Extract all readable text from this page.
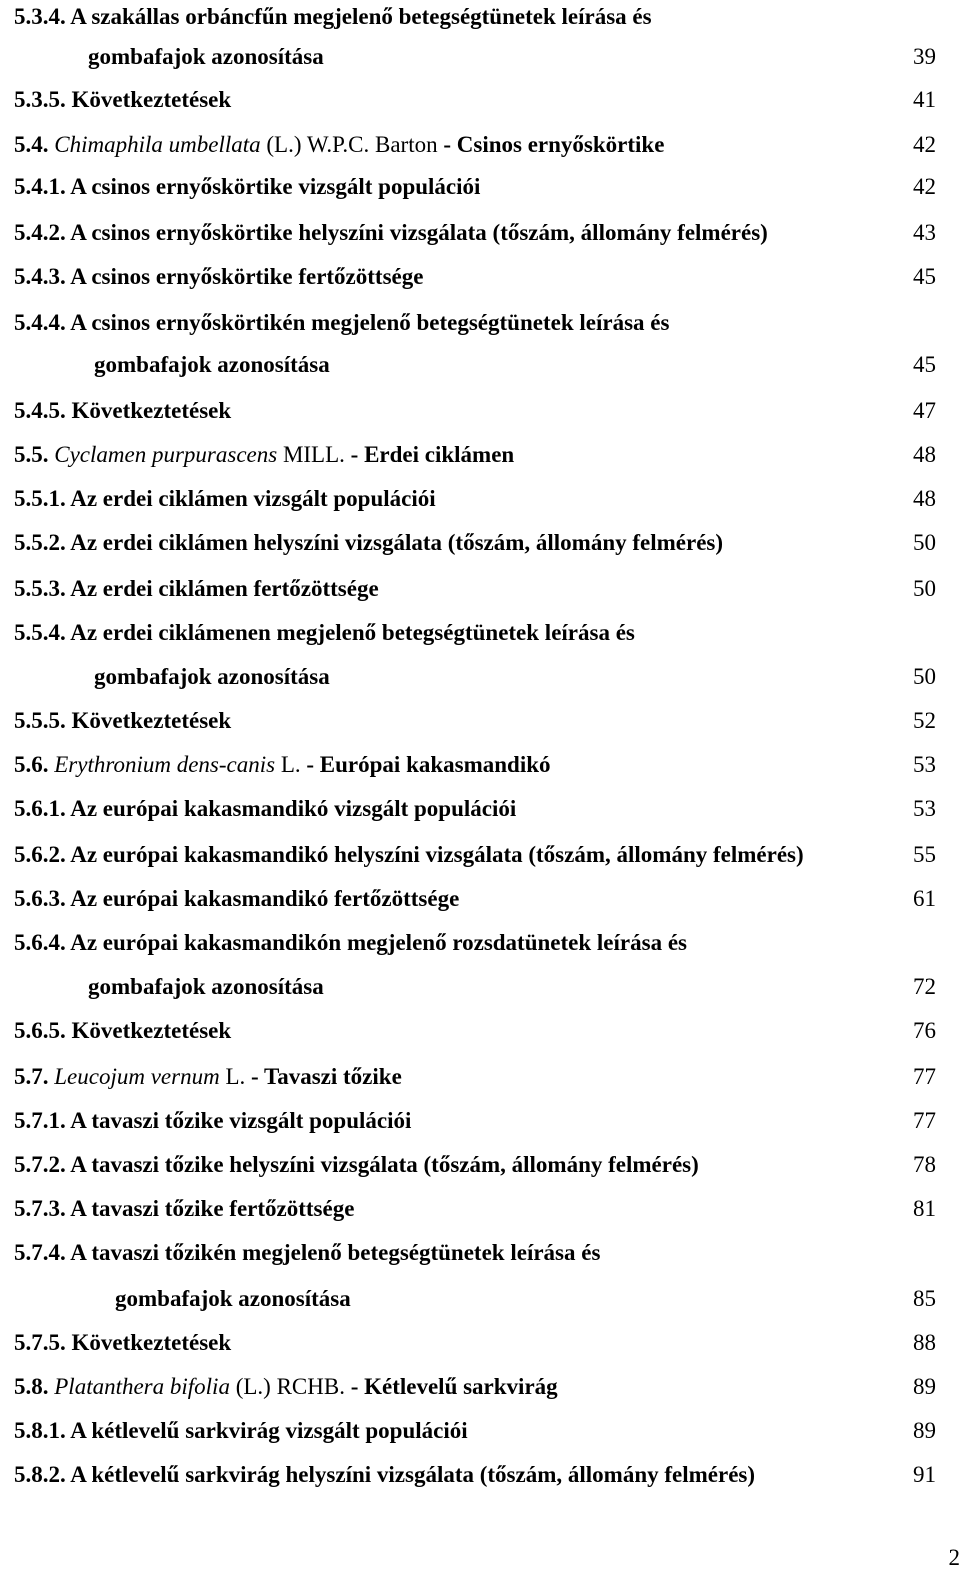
5.3.4. A szakállas orbáncfűn megjelenő betegségtünetek leírása és
gombafajok azonosítása	39
5.3.5. Következtetések	41
5.4. Chimaphila umbellata (L.) W.P.C. Barton - Csinos ernyőskörtike	42
5.4.1. A csinos ernyőskörtike vizsgált populációi	42
5.4.2. A csinos ernyőskörtike helyszíni vizsgálata (tőszám, állomány felmérés)	43
5.4.3. A csinos ernyőskörtike fertőzöttsége	45
5.4.4. A csinos ernyőskörtikén megjelenő betegségtünetek leírása és
gombafajok azonosítása	45
5.4.5. Következtetések	47
5.5. Cyclamen purpurascens MILL. - Erdei ciklámen	48
5.5.1. Az erdei ciklámen vizsgált populációi	48
5.5.2. Az erdei ciklámen helyszíni vizsgálata (tőszám, állomány felmérés)	50
5.5.3. Az erdei ciklámen fertőzöttsége	50
5.5.4. Az erdei ciklámenen megjelenő betegségtünetek leírása és
gombafajok azonosítása	50
5.5.5. Következtetések	52
5.6. Erythronium dens-canis L. - Európai kakasmandikó	53
5.6.1. Az európai kakasmandikó vizsgált populációi	53
5.6.2. Az európai kakasmandikó helyszíni vizsgálata (tőszám, állomány felmérés)	55
5.6.3. Az európai kakasmandikó fertőzöttsége	61
5.6.4. Az európai kakasmandikón megjelenő rozsdatünetek leírása és
gombafajok azonosítása	72
5.6.5. Következtetések	76
5.7. Leucojum vernum L. - Tavaszi tőzike	77
5.7.1. A tavaszi tőzike vizsgált populációi	77
5.7.2. A tavaszi tőzike helyszíni vizsgálata (tőszám, állomány felmérés)	78
5.7.3. A tavaszi tőzike fertőzöttsége	81
5.7.4. A tavaszi tőzikén megjelenő betegségtünetek leírása és
gombafajok azonosítása	85
5.7.5. Következtetések	88
5.8. Platanthera bifolia (L.) RCHB. - Kétlevelű sarkvirág	89
5.8.1. A kétlevelű sarkvirág vizsgált populációi	89
5.8.2. A kétlevelű sarkvirág helyszíni vizsgálata (tőszám, állomány felmérés)	91
2
